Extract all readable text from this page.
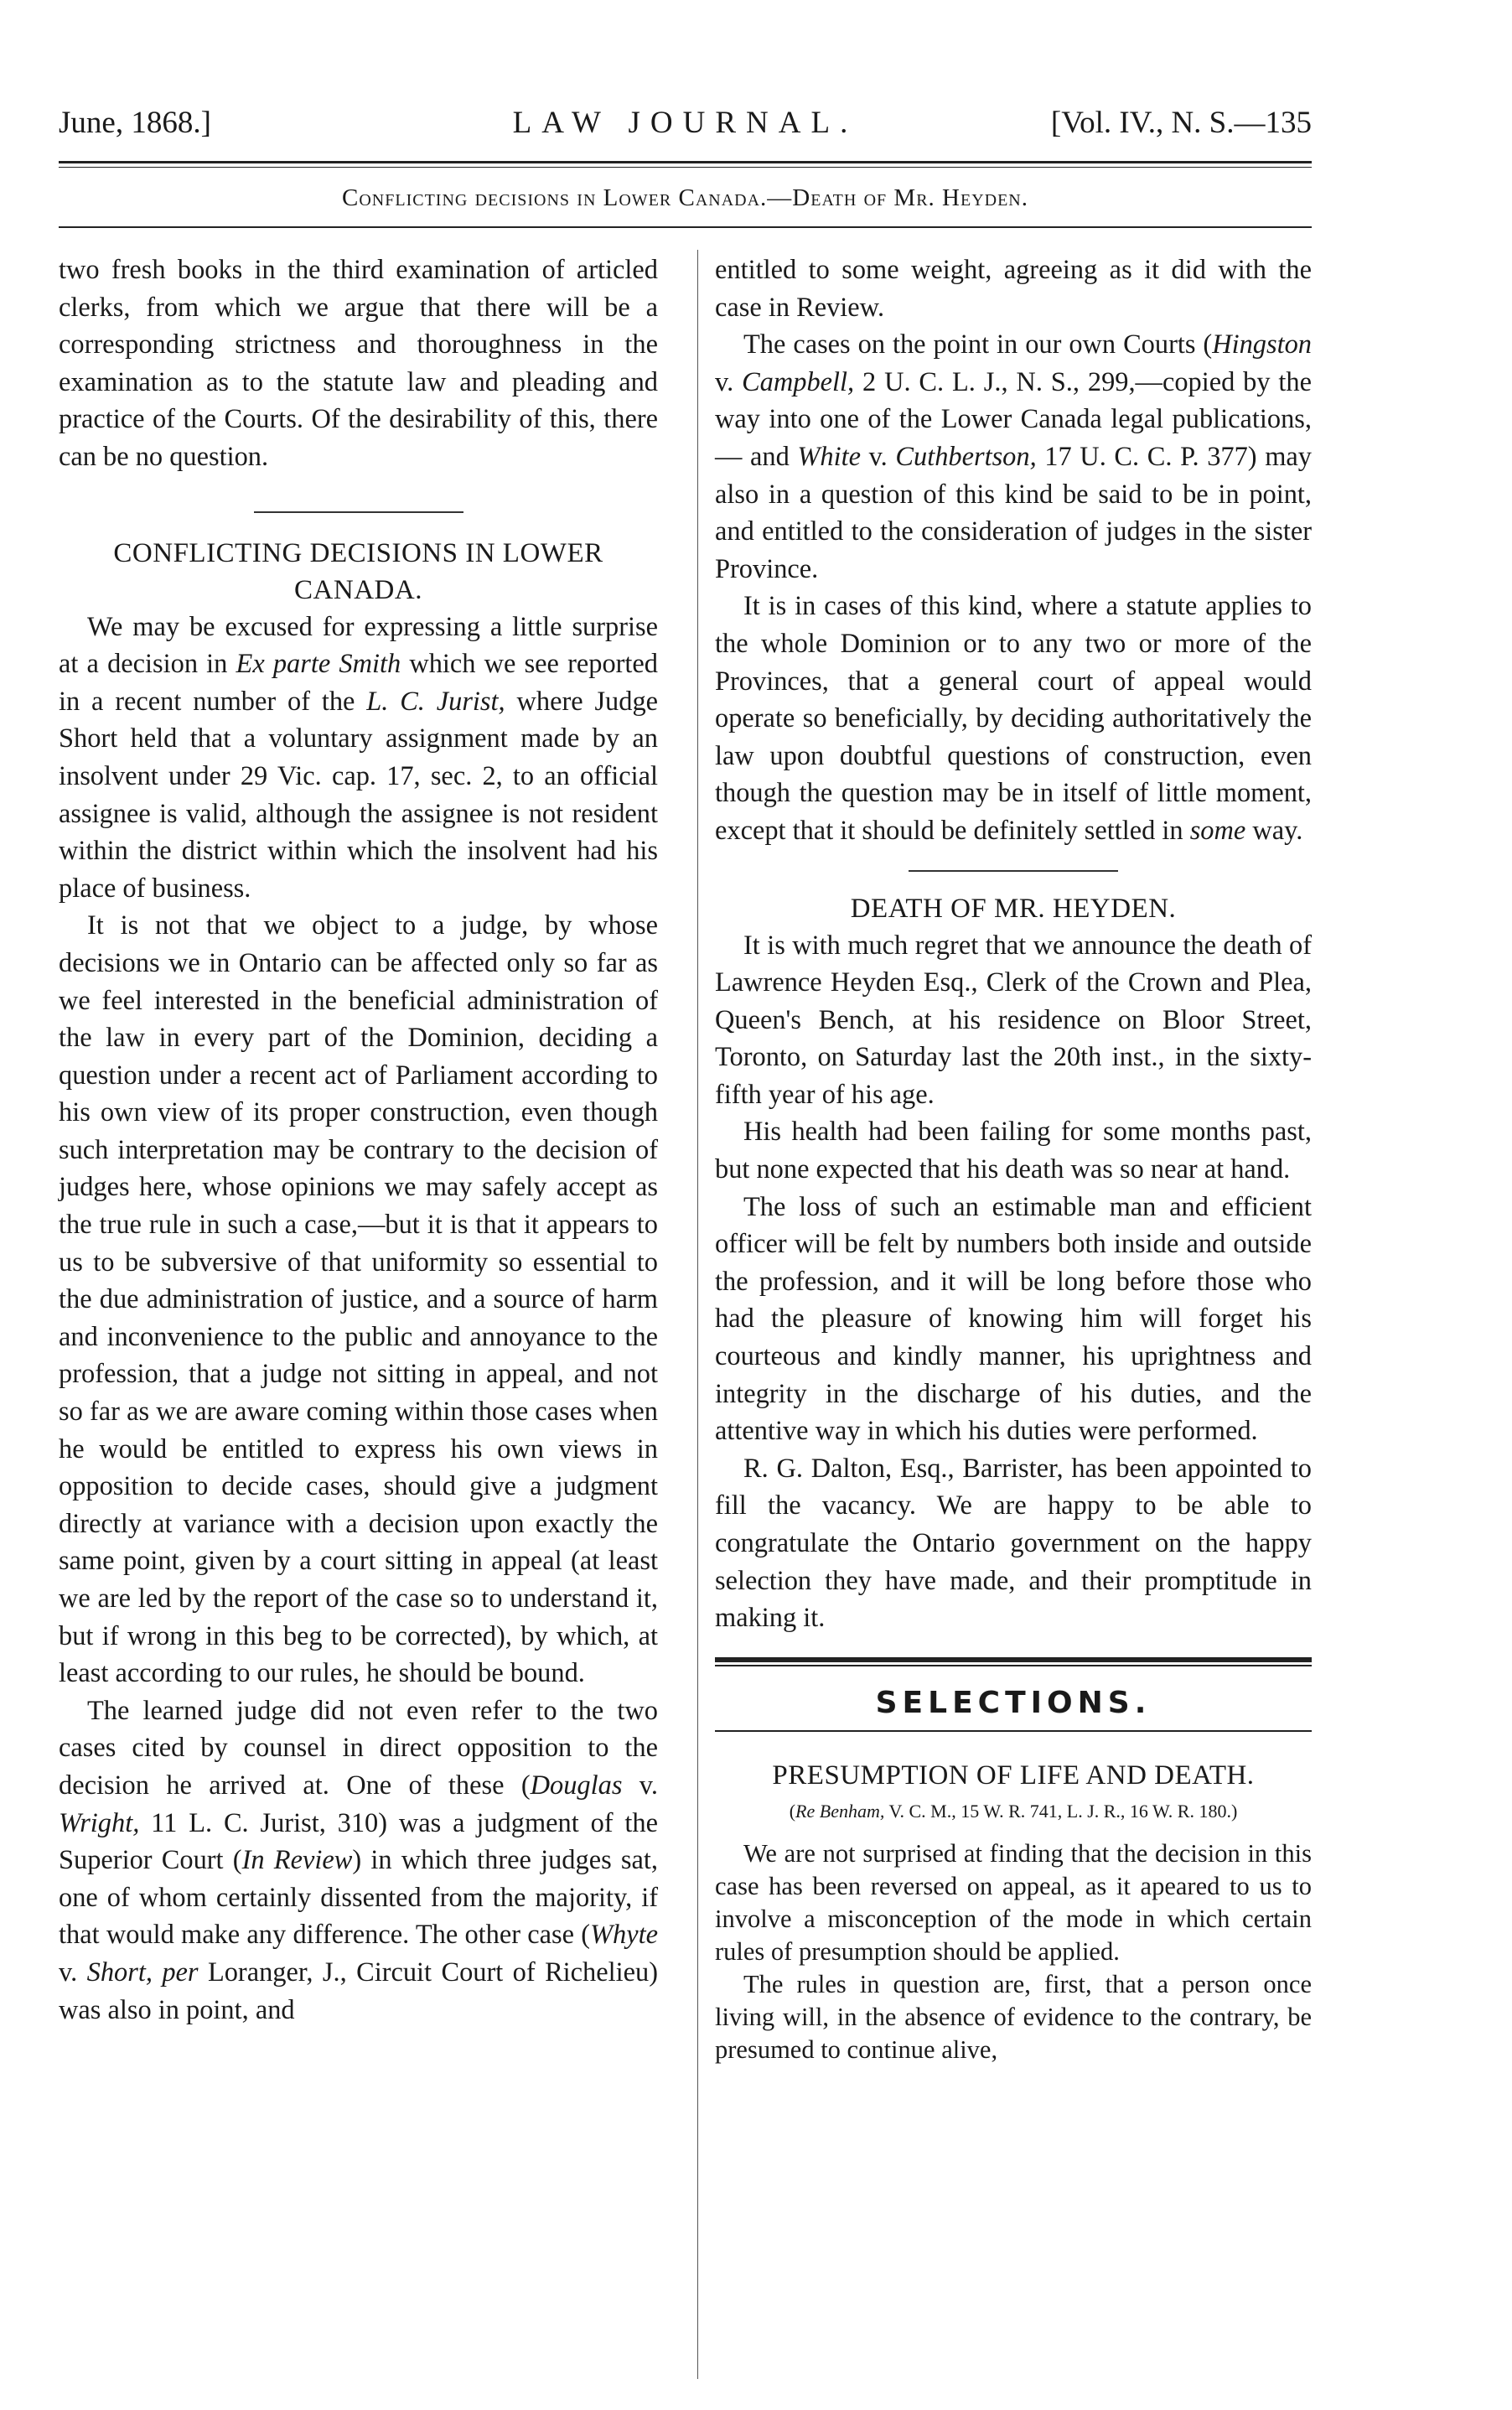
June, 1868.]	LAW JOURNAL.	[Vol. IV., N. S.—135
Conflicting decisions in Lower Canada.—Death of Mr. Heyden.

two fresh books in the third examination of articled clerks, from which we argue that there will be a corresponding strictness and thoroughness in the examination as to the statute law and pleading and practice of the Courts. Of the desirability of this, there can be no question.

CONFLICTING DECISIONS IN LOWER CANADA.

We may be excused for expressing a little surprise at a decision in Ex parte Smith which we see reported in a recent number of the L. C. Jurist, where Judge Short held that a voluntary assignment made by an insolvent under 29 Vic. cap. 17, sec. 2, to an official assignee is valid, although the assignee is not resident within the district within which the insolvent had his place of business.

It is not that we object to a judge, by whose decisions we in Ontario can be affected only so far as we feel interested in the beneficial administration of the law in every part of the Dominion, deciding a question under a recent act of Parliament according to his own view of its proper construction, even though such interpretation may be contrary to the decision of judges here, whose opinions we may safely accept as the true rule in such a case,—but it is that it appears to us to be subversive of that uniformity so essential to the due administration of justice, and a source of harm and inconvenience to the public and annoyance to the profession, that a judge not sitting in appeal, and not so far as we are aware coming within those cases when he would be entitled to express his own views in opposition to decide cases, should give a judgment directly at variance with a decision upon exactly the same point, given by a court sitting in appeal (at least we are led by the report of the case so to understand it, but if wrong in this beg to be corrected), by which, at least according to our rules, he should be bound.

The learned judge did not even refer to the two cases cited by counsel in direct opposition to the decision he arrived at. One of these (Douglas v. Wright, 11 L. C. Jurist, 310) was a judgment of the Superior Court (In Review) in which three judges sat, one of whom certainly dissented from the majority, if that would make any difference. The other case (Whyte v. Short, per Loranger, J., Circuit Court of Richelieu) was also in point, and

entitled to some weight, agreeing as it did with the case in Review.

The cases on the point in our own Courts (Hingston v. Campbell, 2 U. C. L. J., N. S., 299,—copied by the way into one of the Lower Canada legal publications, — and White v. Cuthbertson, 17 U. C. C. P. 377) may also in a question of this kind be said to be in point, and entitled to the consideration of judges in the sister Province.

It is in cases of this kind, where a statute applies to the whole Dominion or to any two or more of the Provinces, that a general court of appeal would operate so beneficially, by deciding authoritatively the law upon doubtful questions of construction, even though the question may be in itself of little moment, except that it should be definitely settled in some way.

DEATH OF MR. HEYDEN.

It is with much regret that we announce the death of Lawrence Heyden Esq., Clerk of the Crown and Plea, Queen's Bench, at his residence on Bloor Street, Toronto, on Saturday last the 20th inst., in the sixty-fifth year of his age.

His health had been failing for some months past, but none expected that his death was so near at hand.

The loss of such an estimable man and efficient officer will be felt by numbers both inside and outside the profession, and it will be long before those who had the pleasure of knowing him will forget his courteous and kindly manner, his uprightness and integrity in the discharge of his duties, and the attentive way in which his duties were performed.

R. G. Dalton, Esq., Barrister, has been appointed to fill the vacancy. We are happy to be able to congratulate the Ontario government on the happy selection they have made, and their promptitude in making it.

SELECTIONS.
PRESUMPTION OF LIFE AND DEATH.
(Re Benham, V. C. M., 15 W. R. 741, L. J. R., 16 W. R. 180.)

We are not surprised at finding that the decision in this case has been reversed on appeal, as it apeared to us to involve a misconception of the mode in which certain rules of presumption should be applied.

The rules in question are, first, that a person once living will, in the absence of evidence to the contrary, be presumed to continue alive,
